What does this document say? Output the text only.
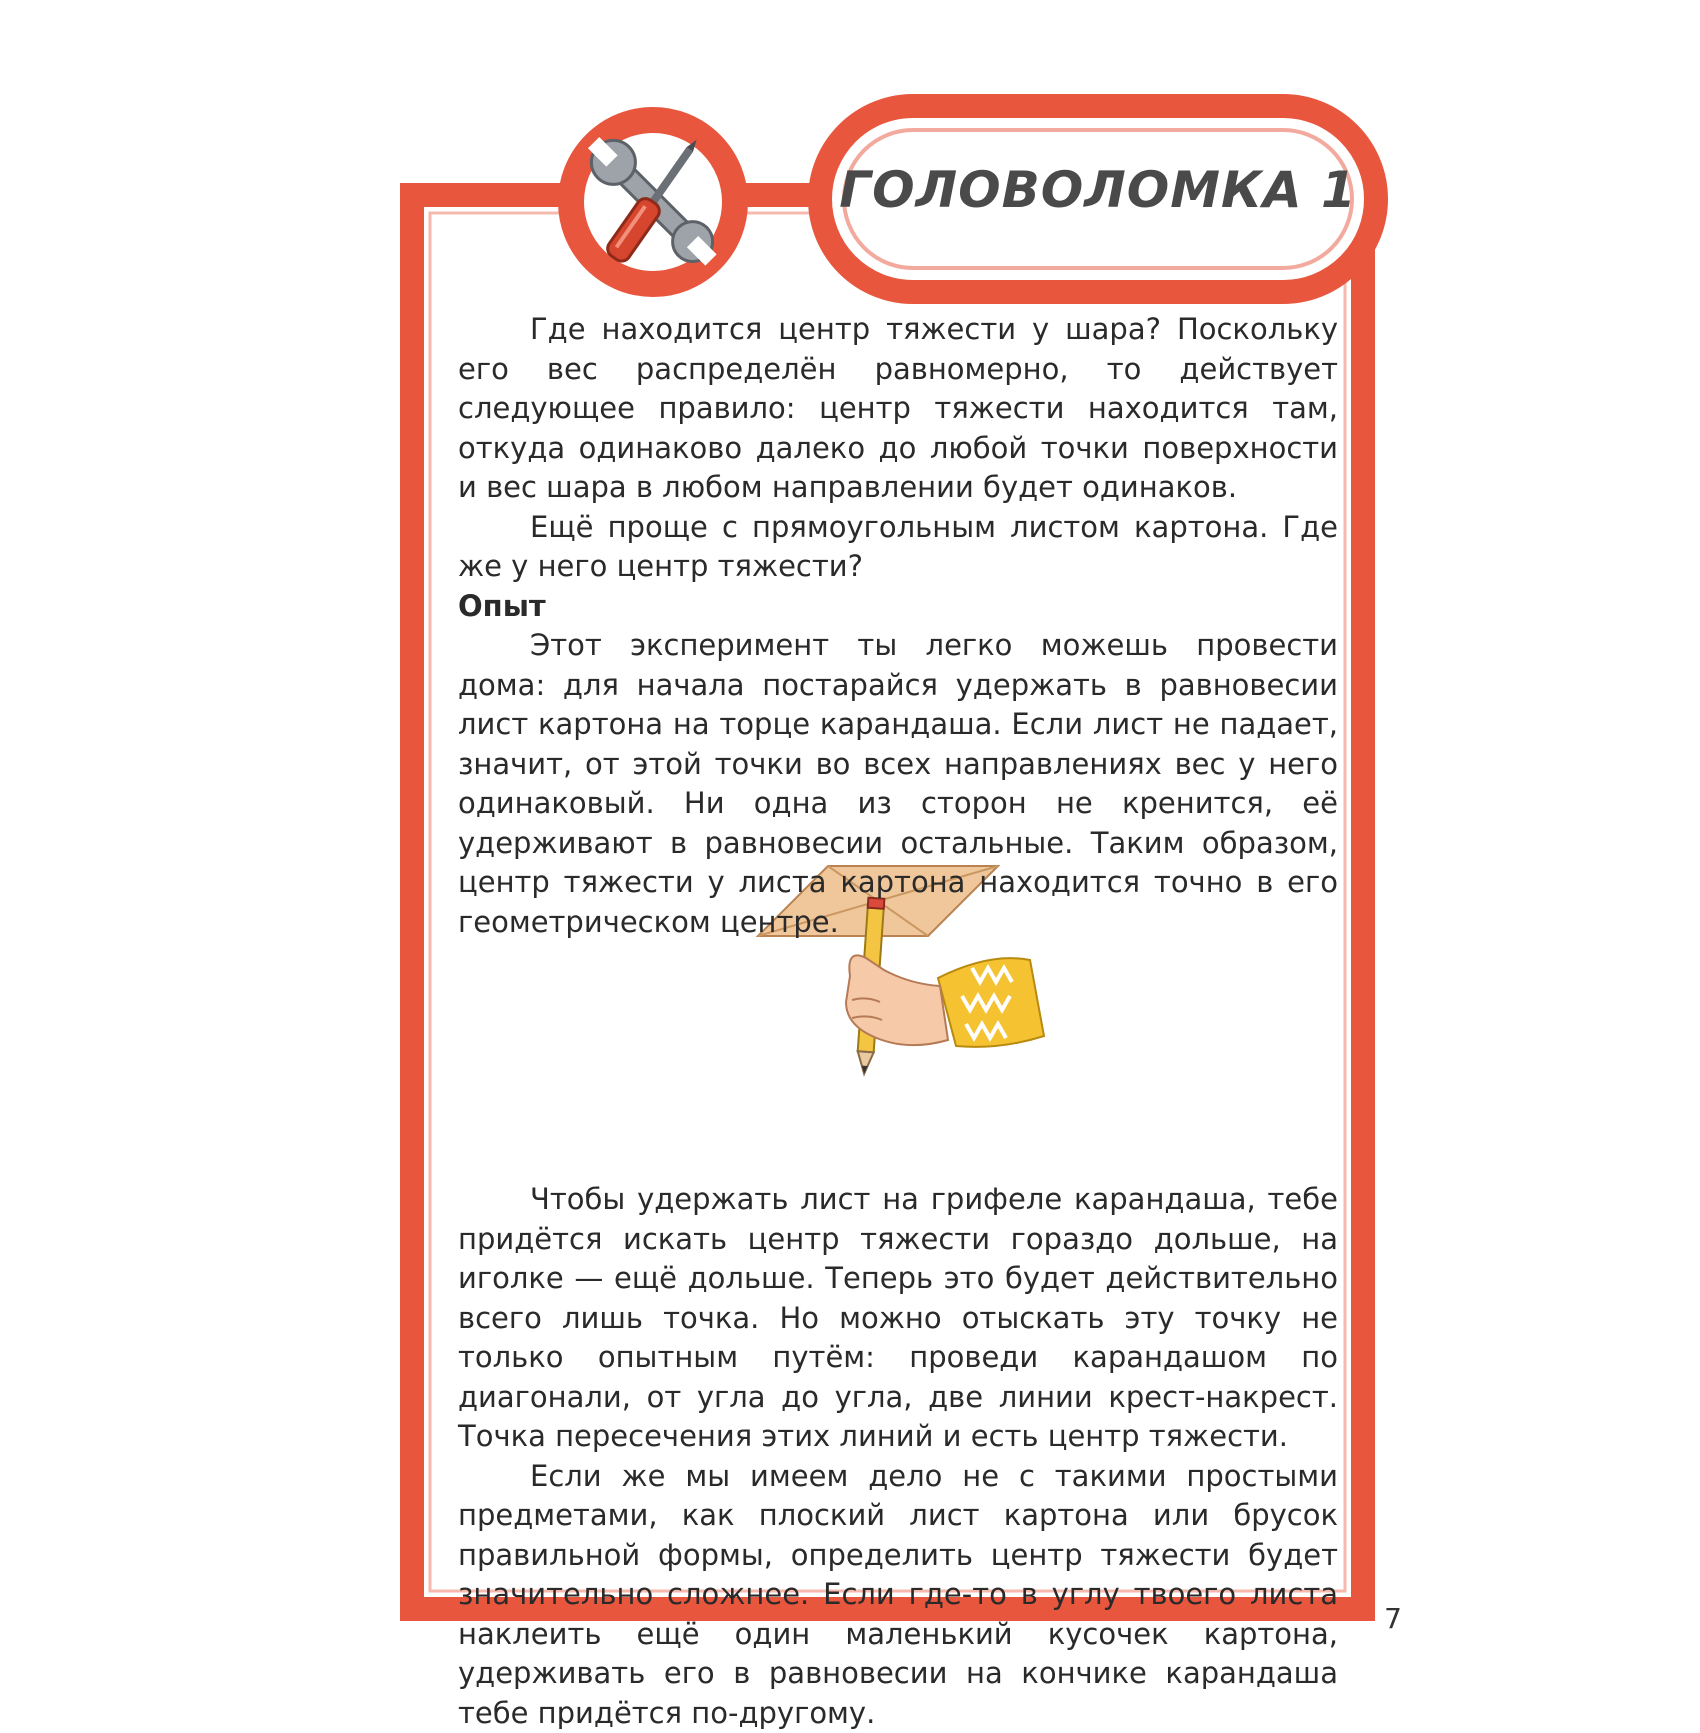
ГОЛОВОЛОМКА 1

Где находится центр тяжести у шара? Поскольку его вес распределён равномерно, то действует следующее правило: центр тяжести находится там, откуда одинаково далеко до любой точки поверхности и вес шара в любом направлении будет одинаков.

Ещё проще с прямоугольным листом картона. Где же у него центр тяжести?

Опыт

Этот эксперимент ты легко можешь провести дома: для начала постарайся удержать в равновесии лист картона на торце карандаша. Если лист не падает, значит, от этой точки во всех направлениях вес у него одинаковый. Ни одна из сторон не кренится, её удерживают в равновесии остальные. Таким образом, центр тяжести у листа картона находится точно в его геометрическом центре.

Чтобы удержать лист на грифеле карандаша, тебе придётся искать центр тяжести гораздо дольше, на иголке — ещё дольше. Теперь это будет действительно всего лишь точка. Но можно отыскать эту точку не только опытным путём: проведи карандашом по диагонали, от угла до угла, две линии крест-накрест. Точка пересечения этих линий и есть центр тяжести.

Если же мы имеем дело не с такими простыми предметами, как плоский лист картона или брусок правильной формы, определить центр тяжести будет значительно сложнее. Если где-то в углу твоего листа наклеить ещё один маленький кусочек картона, удерживать его в равновесии на кончике карандаша тебе придётся по-другому.

7
